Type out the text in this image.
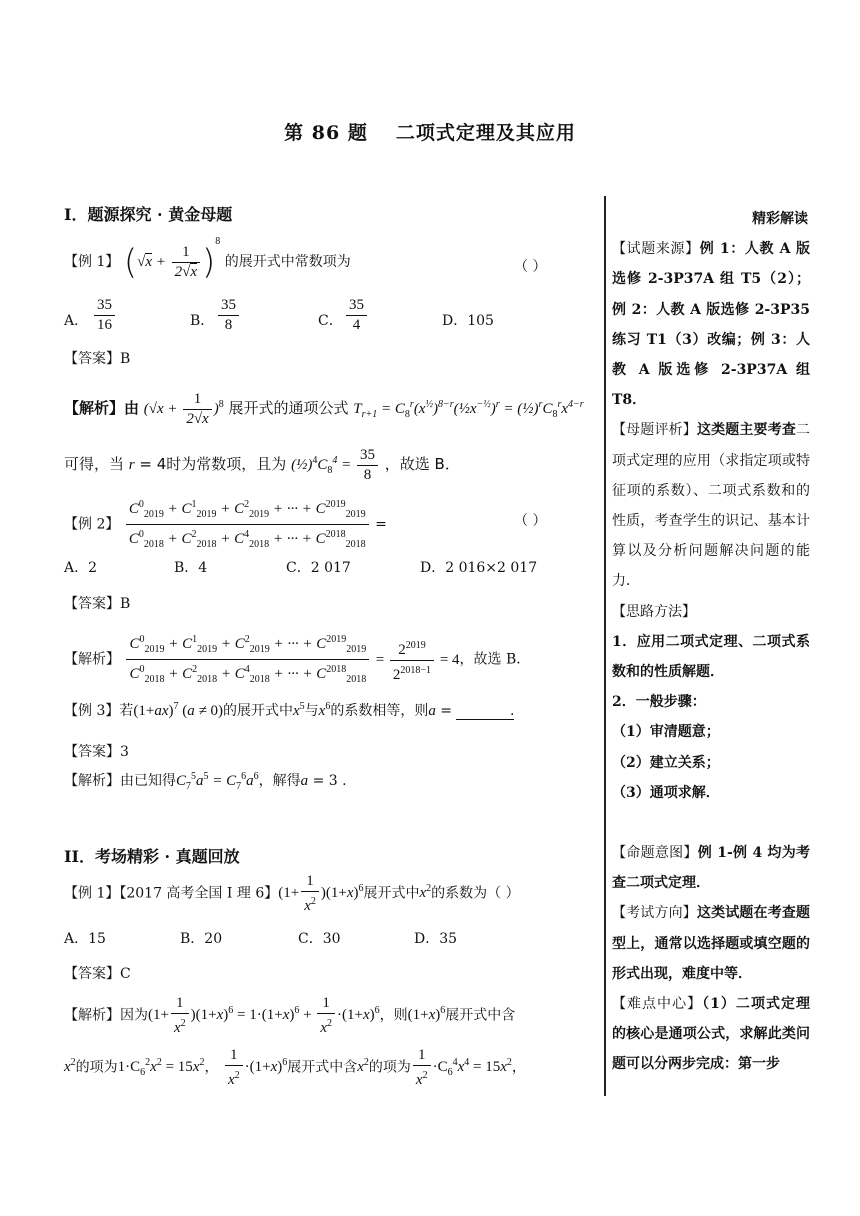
第 86 题 二项式定理及其应用
I．题源探究 · 黄金母题
【例 1】 $(√x + \frac{1}{2√x} )^8$ 的展开式中常数项为	（ ）
A． $\frac{35}{16}$	B． $\frac{35}{8}$	C． $\frac{35}{4}$	D．105
【答案】B
【解析】由 $(√x + \frac{1}{2√x} )^8$ 展开式的通项公式 $T_{r+1}$ = $C_8^r(x^{\frac{1}{2}})^{8-r}(\frac{1}{2}x^{-\frac{1}{2}})^r$ = $(\frac{1}{2})^rC_8^rx^{4-r}$
可得，当 r = 4时为常数项，且为 $(\frac{1}{2})^4C_8^4 = \frac{35}{8}$ ，故选 B．
【例 2】 $\frac{C^0_{2019} + C^1_{2019} + C^2_{2019} + \cdot\cdot\cdot + C^{2019}_{2019}}{C^0_{2018} + C^2_{2018} + C^4_{2018} + \cdot\cdot\cdot + C^{2018}_{2018}}$ =	（ ）
A．2	B．4	C．2 017	D．2 016×2 017
【答案】B
【解析】 $\frac{C^0_{2019} + C^1_{2019} + C^2_{2019} + \cdot\cdot\cdot + C^{2019}_{2019}}{C^0_{2018} + C^2_{2018} + C^4_{2018} + \cdot\cdot\cdot + C^{2018}_{2018}} = \frac{2^{2019}}{2^{2018-1}} = 4$，故选 B．
【例 3】若$(1+ax)^7$ (a ≠ 0)的展开式中$x^5$与$x^6$的系数相等，则a =	.
【答案】3
【解析】由已知得$C_7^5a^5 = C_7^6a^6$，解得a = 3 .
II．考场精彩 · 真题回放
【例 1】【2017 高考全国 I 理 6】$(1+ \frac{1}{x^2} )(1+x)^6$展开式中$x^2$的系数为（ ）
A．15	B．20	C．30	D．35
【答案】C
【解析】因为$(1+ \frac{1}{x^2} )(1+x)^6 = 1\cdot(1+x)^6 + \frac{1}{x^2} \cdot(1+x)^6$，则$(1+x)^6$展开式中含
$x^2$的项为$1\cdot C_6^2x^2 = 15x^2$， $\frac{1}{x^2} \cdot(1+x)^6$展开式中含$x^2$的项为 $\frac{1}{x^2} \cdot C_6^4x^4 = 15x^2$，

精彩解读

【试题来源】例 1：人教 A 版选修 2-3P37A 组 T5（2）；例 2：人教 A 版选修 2-3P35 练习 T1（3）改编；例 3：人教 A 版选修 2-3P37A 组 T8．

【母题评析】这类题主要考查二项式定理的应用（求指定项或特征项的系数）、二项式系数和的性质，考查学生的识记、基本计算以及分析问题解决问题的能力．

【思路方法】

1．应用二项式定理、二项式系数和的性质解题．

2．一般步骤：

（1）审清题意；

（2）建立关系；

（3）通项求解．

【命题意图】例 1-例 4 均为考查二项式定理．

【考试方向】这类试题在考查题型上，通常以选择题或填空题的形式出现，难度中等．

【难点中心】（1）二项式定理的核心是通项公式，求解此类问题可以分两步完成：第一步
